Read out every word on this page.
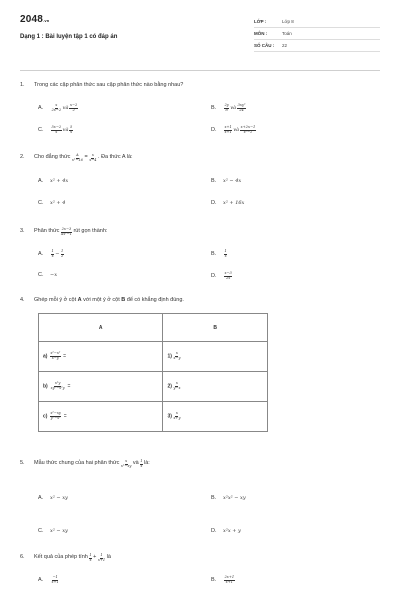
2048.vn
Dạng 1 : Bài luyện tập 1 có đáp án
LỚP :	Lớp 8
MÔN :	Toán
SỐ CÂU :	22
1.	Trong các cặp phân thức sau cặp phân thức nào bằng nhau?
A.	$\frac{x}{2x-2}$ và $\frac{x-2}{2}$	B.	$\frac{2y}{8}$ và $\frac{\text{3xy²}}{24}$
C.	$\frac{5x-2}{x}$ và $\frac{5}{x}$	D.	$\frac{x+1}{x+1}$ và $\frac{x+2x-1}{\text{x²−1}}$
2.	Cho đẳng thức $\frac{A}{\text{x²−16}} = \frac{x}{x-4}$ . Đa thức A là:
A.	x² + 4x	B.	x² − 4x
C.	x² + 4	D.	x² + 16x
3.	Phân thức $\frac{2x-3}{\text{4x²−1}}$ rút gọn thành:
A.	$\frac{1}{x} - \frac{1}{2}$	B.	$\frac{1}{x}$
C.	−x	D.	$\frac{x-3}{2x}$
4.	Ghép mỗi ý ở cột A với một ý ở cột B để có khẳng định đúng.
A	B
$a) \frac{\text{x²−x²}}{x-y}$ =	$1) \frac{x}{x-y}$

$b) \frac{\text{x²y}}{\text{xy²−x²y}}$ =	$2) \frac{x}{y-x}$

$c) \frac{\text{x²−xy}}{\text{y²−x²}}$ =	$3) \frac{x}{x+y}$
5.	Mẫu thức chung của hai phân thức $\frac{x}{\text{x²−xy}}$ và $\frac{1}{x}$ là:
A.	x² − xy	B.	x²x² − xy
C.	x² − xy	D.	x²x + y
6.	Kết quả của phép tính $\frac{1}{x} + \frac{1}{x+1}$ là
A.	$\frac{-1}{x+1}$	B.	$\frac{2x+1}{x+1}$
